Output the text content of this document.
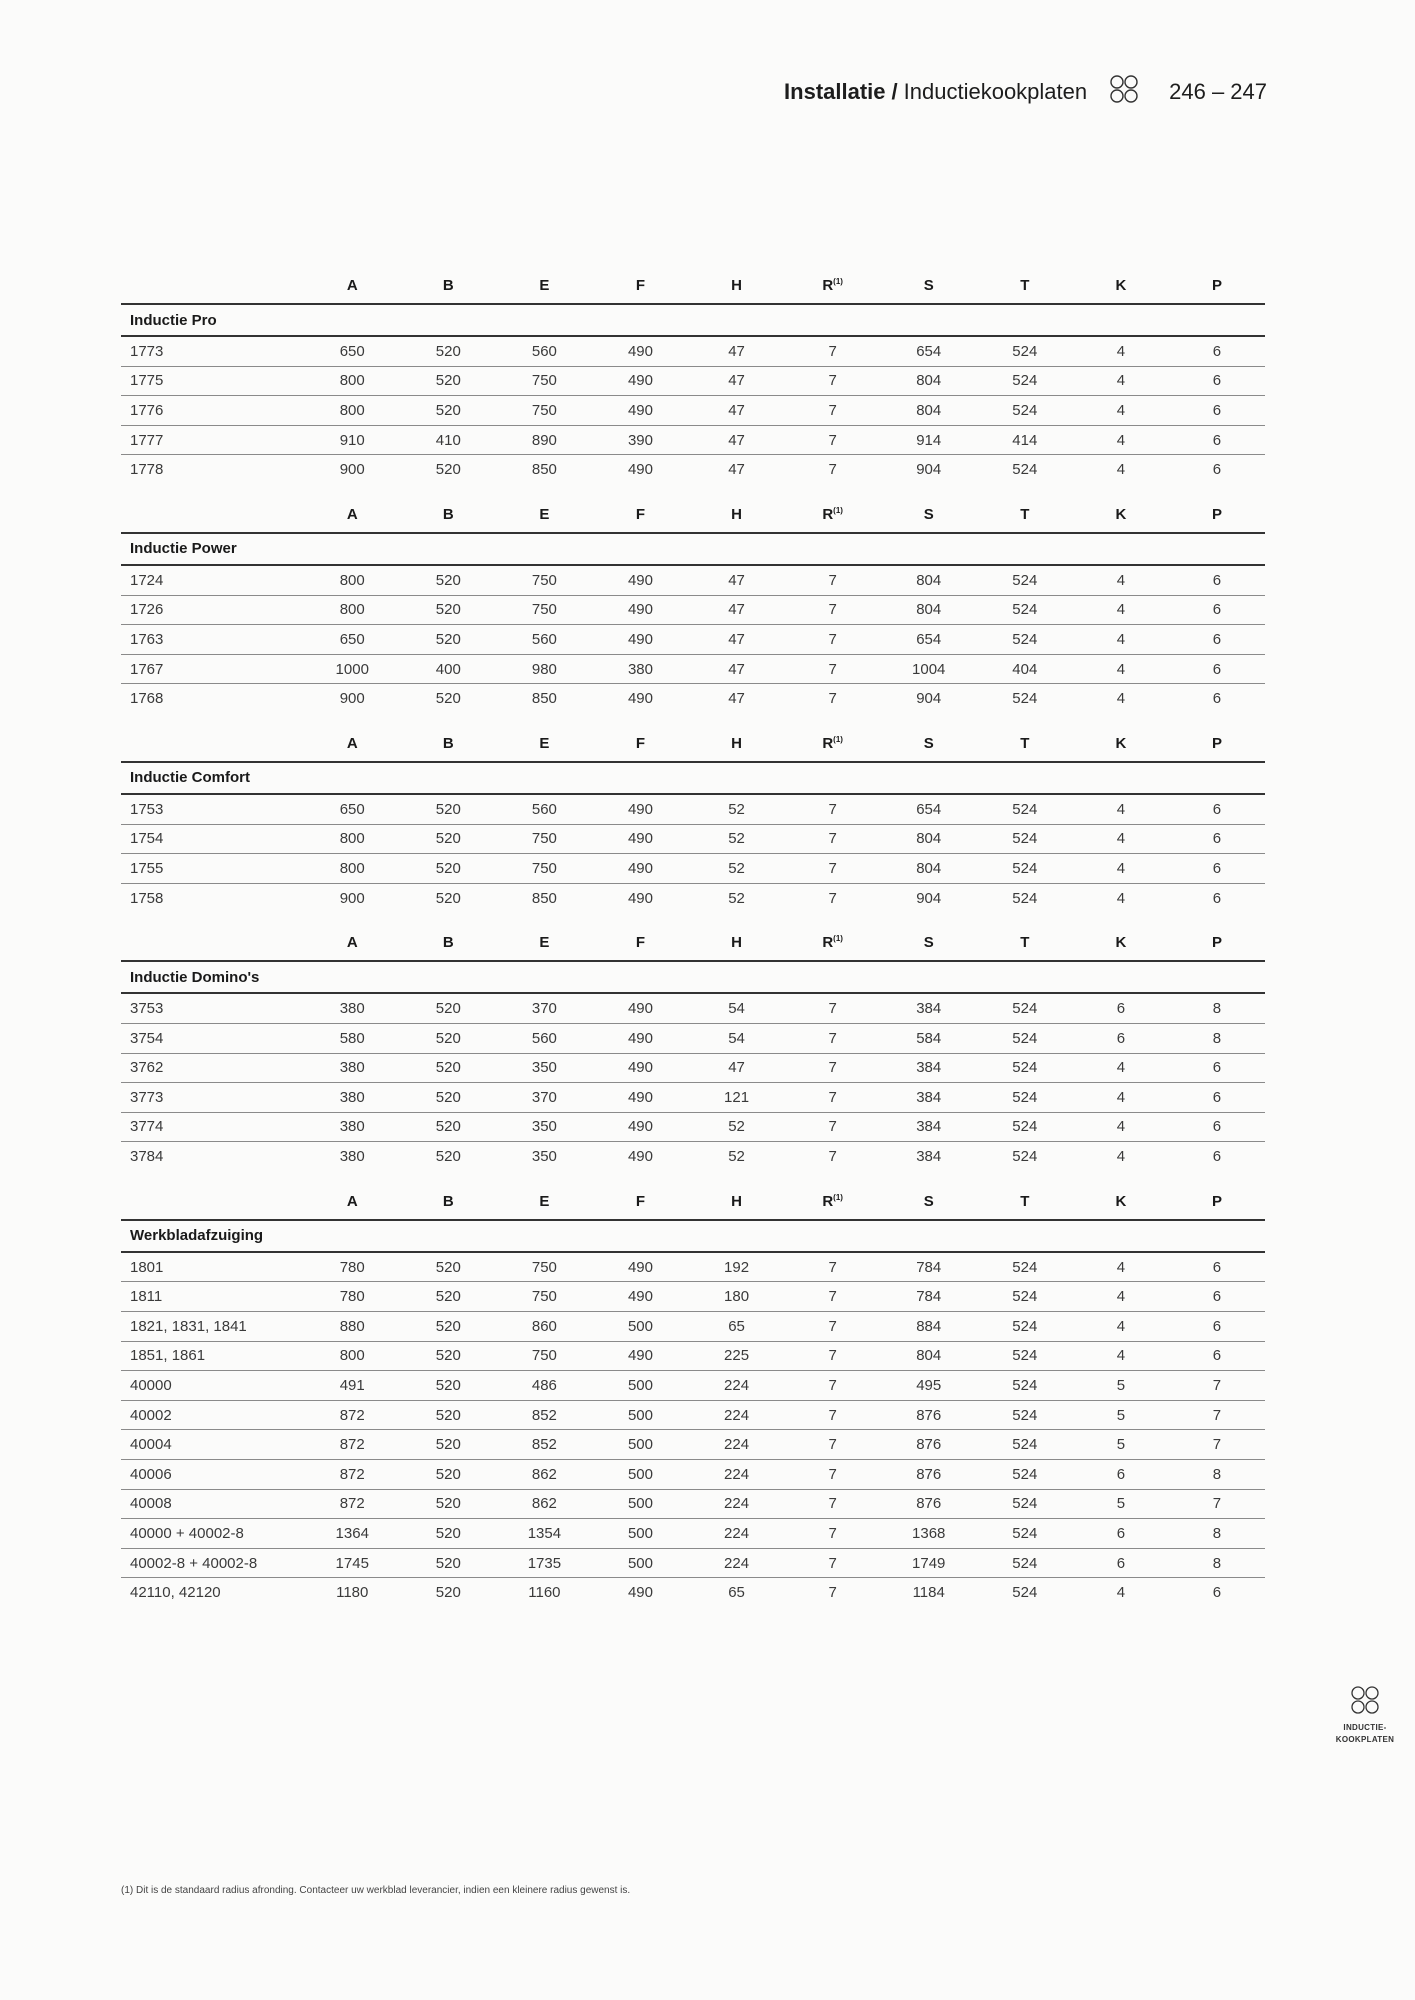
Installatie / Inductiekookplaten	246 – 247
	A	B	E	F	H	$R^{(1)}$	S	T	K	P
Inductie Pro										
1773	650	520	560	490	47	7	654	524	4	6
1775	800	520	750	490	47	7	804	524	4	6
1776	800	520	750	490	47	7	804	524	4	6
1777	910	410	890	390	47	7	914	414	4	6
1778	900	520	850	490	47	7	904	524	4	6
	A	B	E	F	H	$R^{(1)}$	S	T	K	P
Inductie Power										
1724	800	520	750	490	47	7	804	524	4	6
1726	800	520	750	490	47	7	804	524	4	6
1763	650	520	560	490	47	7	654	524	4	6
1767	1000	400	980	380	47	7	1004	404	4	6
1768	900	520	850	490	47	7	904	524	4	6
	A	B	E	F	H	$R^{(1)}$	S	T	K	P
Inductie Comfort										
1753	650	520	560	490	52	7	654	524	4	6
1754	800	520	750	490	52	7	804	524	4	6
1755	800	520	750	490	52	7	804	524	4	6
1758	900	520	850	490	52	7	904	524	4	6
	A	B	E	F	H	$R^{(1)}$	S	T	K	P
Inductie Domino's										
3753	380	520	370	490	54	7	384	524	6	8
3754	580	520	560	490	54	7	584	524	6	8
3762	380	520	350	490	47	7	384	524	4	6
3773	380	520	370	490	121	7	384	524	4	6
3774	380	520	350	490	52	7	384	524	4	6
3784	380	520	350	490	52	7	384	524	4	6
	A	B	E	F	H	$R^{(1)}$	S	T	K	P
Werkbladafzuiging										
1801	780	520	750	490	192	7	784	524	4	6
1811	780	520	750	490	180	7	784	524	4	6
1821, 1831, 1841	880	520	860	500	65	7	884	524	4	6
1851, 1861	800	520	750	490	225	7	804	524	4	6
40000	491	520	486	500	224	7	495	524	5	7
40002	872	520	852	500	224	7	876	524	5	7
40004	872	520	852	500	224	7	876	524	5	7
40006	872	520	862	500	224	7	876	524	6	8
40008	872	520	862	500	224	7	876	524	5	7
40000 + 40002-8	1364	520	1354	500	224	7	1368	524	6	8
40002-8 + 40002-8	1745	520	1735	500	224	7	1749	524	6	8
42110, 42120	1180	520	1160	490	65	7	1184	524	4	6
INDUCTIE-
KOOKPLATEN
(1) Dit is de standaard radius afronding. Contacteer uw werkblad leverancier, indien een kleinere radius gewenst is.
